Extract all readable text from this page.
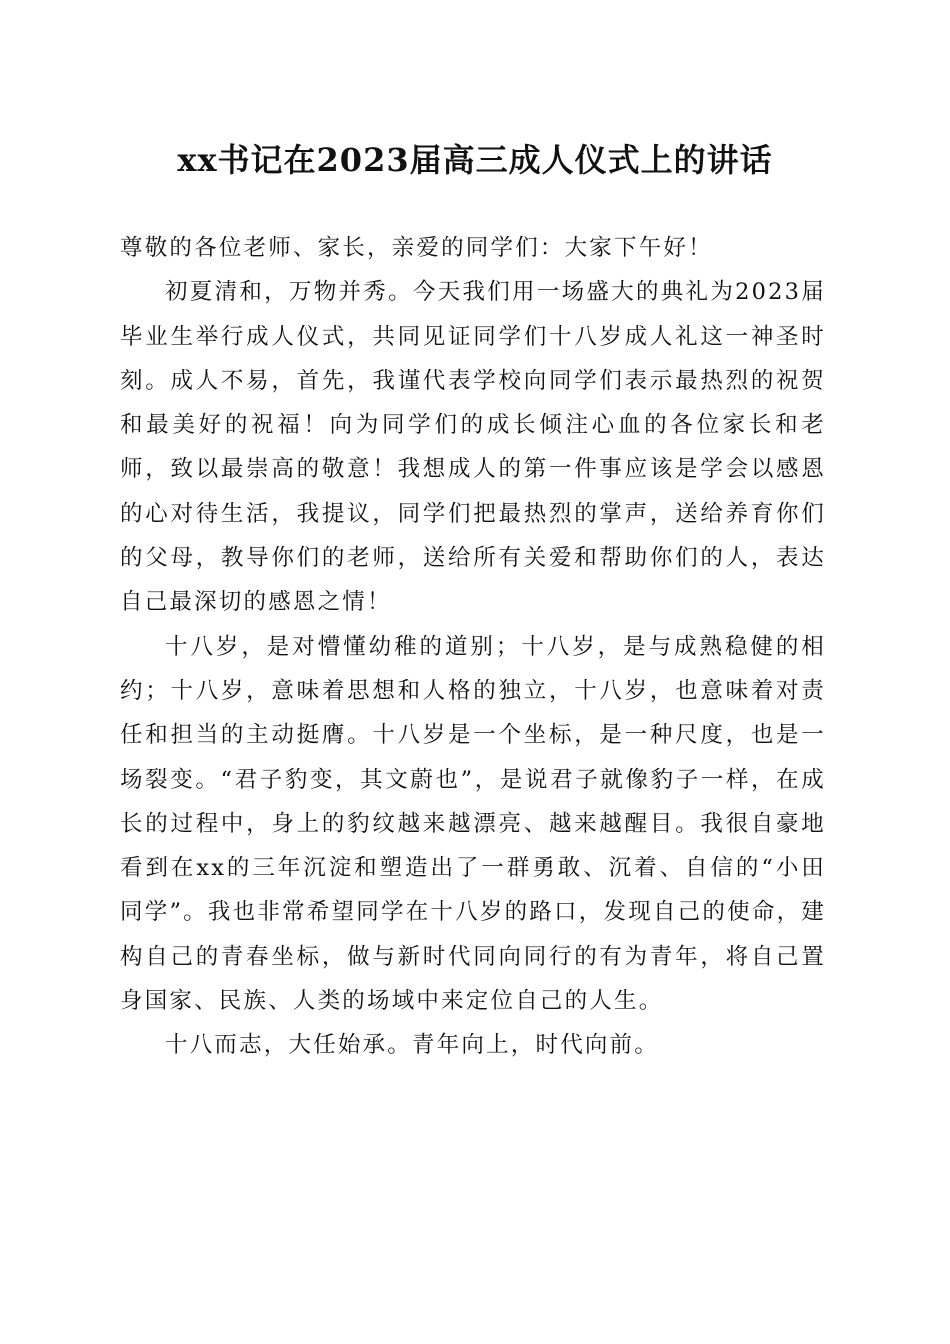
xx书记在2023届高三成人仪式上的讲话

尊敬的各位老师、家长，亲爱的同学们：大家下午好！

初夏清和，万物并秀。今天我们用一场盛大的典礼为2023届毕业生举行成人仪式，共同见证同学们十八岁成人礼这一神圣时刻。成人不易，首先，我谨代表学校向同学们表示最热烈的祝贺和最美好的祝福！向为同学们的成长倾注心血的各位家长和老师，致以最崇高的敬意！我想成人的第一件事应该是学会以感恩的心对待生活，我提议，同学们把最热烈的掌声，送给养育你们的父母，教导你们的老师，送给所有关爱和帮助你们的人，表达自己最深切的感恩之情！

十八岁，是对懵懂幼稚的道别；十八岁，是与成熟稳健的相约；十八岁，意味着思想和人格的独立，十八岁，也意味着对责任和担当的主动挺膺。十八岁是一个坐标，是一种尺度，也是一场裂变。“君子豹变，其文蔚也”，是说君子就像豹子一样，在成长的过程中，身上的豹纹越来越漂亮、越来越醒目。我很自豪地看到在xx的三年沉淀和塑造出了一群勇敢、沉着、自信的“小田同学”。我也非常希望同学在十八岁的路口，发现自己的使命，建构自己的青春坐标，做与新时代同向同行的有为青年，将自己置身国家、民族、人类的场域中来定位自己的人生。

十八而志，大任始承。青年向上，时代向前。
